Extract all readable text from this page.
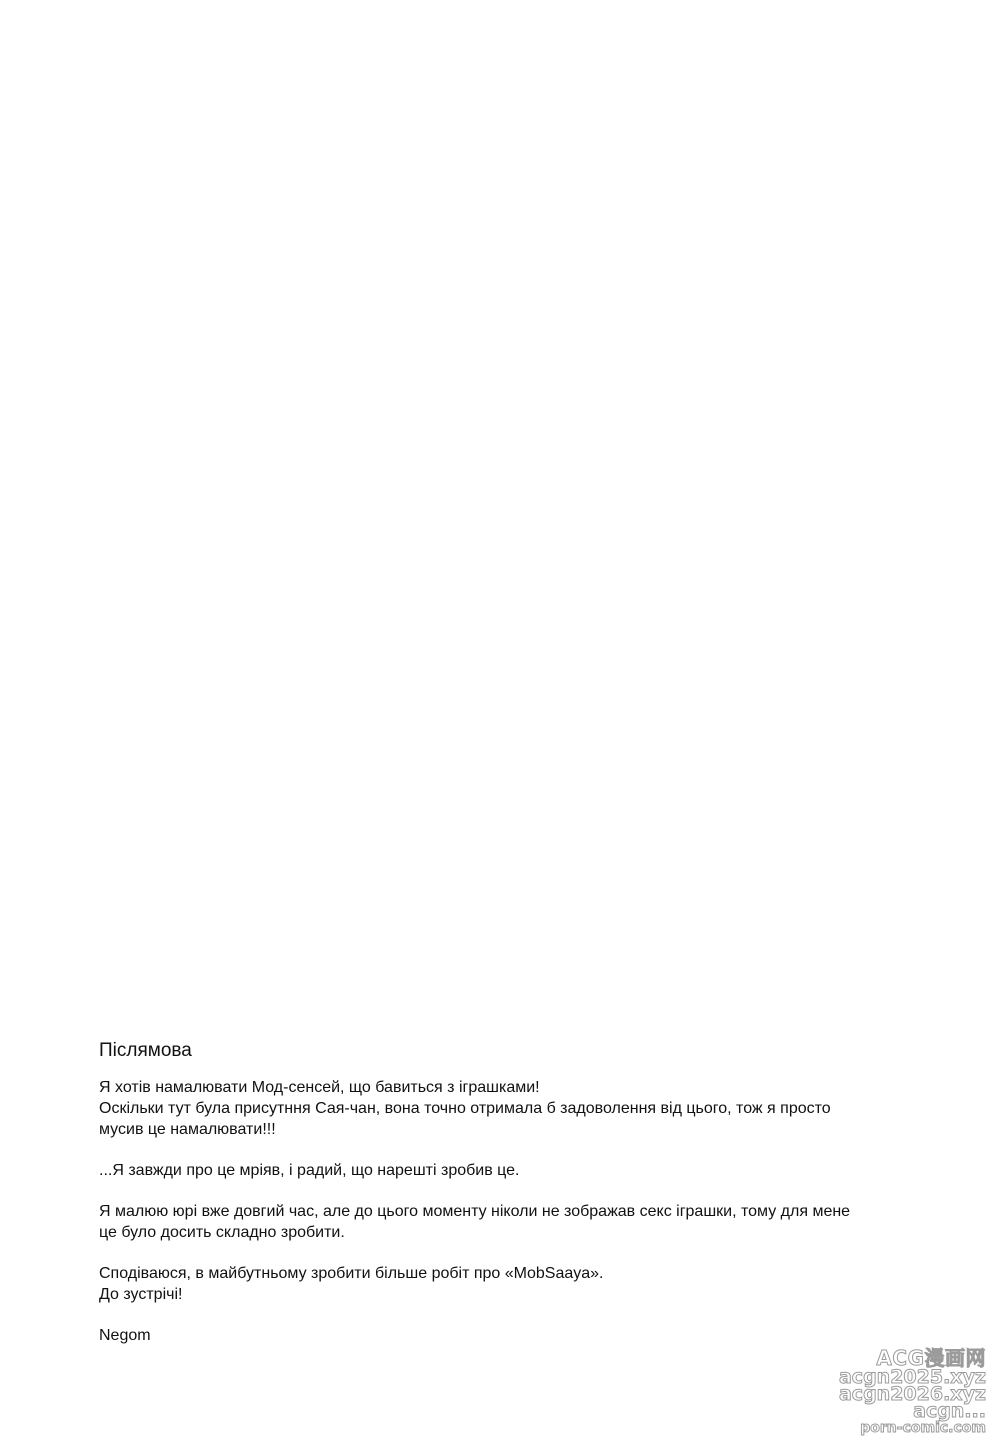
Післямова

Я хотів намалювати Мод-сенсей, що бавиться з іграшками!
Оскільки тут була присутння Сая-чан, вона точно отримала б задоволення від цього, тож я просто
мусив це намалювати!!!

...Я завжди про це мріяв, і радий, що нарешті зробив це.

Я малюю юрі вже довгий час, але до цього моменту ніколи не зображав секс іграшки, тому для мене
це було досить складно зробити.

Сподіваюся, в майбутньому зробити більше робіт про «MobSaaya».
До зустрічі!

Negom

ACG漫画网
acgn2025.xyz
acgn2026.xyz
acgn...
porn-comic.com
